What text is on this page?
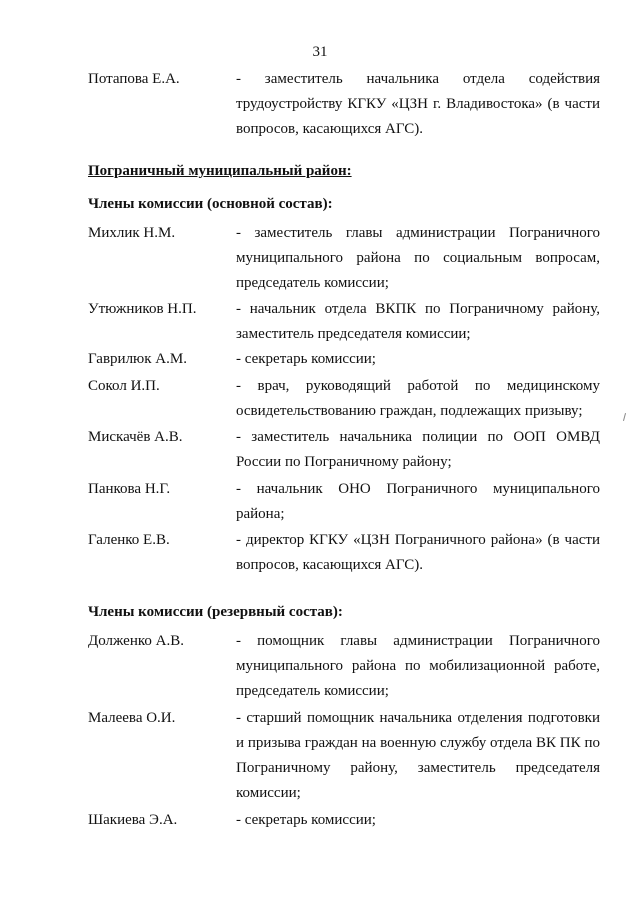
31
Потапова Е.А.	- заместитель начальника отдела содействия трудоустройству КГКУ «ЦЗН г. Владивостока» (в части вопросов, касающихся АГС).
Пограничный муниципальный район:
Члены комиссии (основной состав):
Михлик Н.М.	- заместитель главы администрации Пограничного муниципального района по социальным вопросам, председатель комиссии;
Утюжников Н.П.	- начальник отдела ВКПК по Пограничному району, заместитель председателя комиссии;
Гаврилюк А.М.	- секретарь комиссии;
Сокол И.П.	- врач, руководящий работой по медицинскому освидетельствованию граждан, подлежащих призыву;
Мискачёв А.В.	- заместитель начальника полиции по ООП ОМВД России по Пограничному району;
Панкова Н.Г.	- начальник ОНО Пограничного муниципального района;
Галенко Е.В.	- директор КГКУ «ЦЗН Пограничного района» (в части вопросов, касающихся АГС).
Члены комиссии (резервный состав):
Долженко А.В.	- помощник главы администрации Пограничного муниципального района по мобилизационной работе, председатель комиссии;
Малеева О.И.	- старший помощник начальника отделения подготовки и призыва граждан на военную службу отдела ВК ПК по Пограничному району, заместитель председателя комиссии;
Шакиева Э.А.	- секретарь комиссии;
